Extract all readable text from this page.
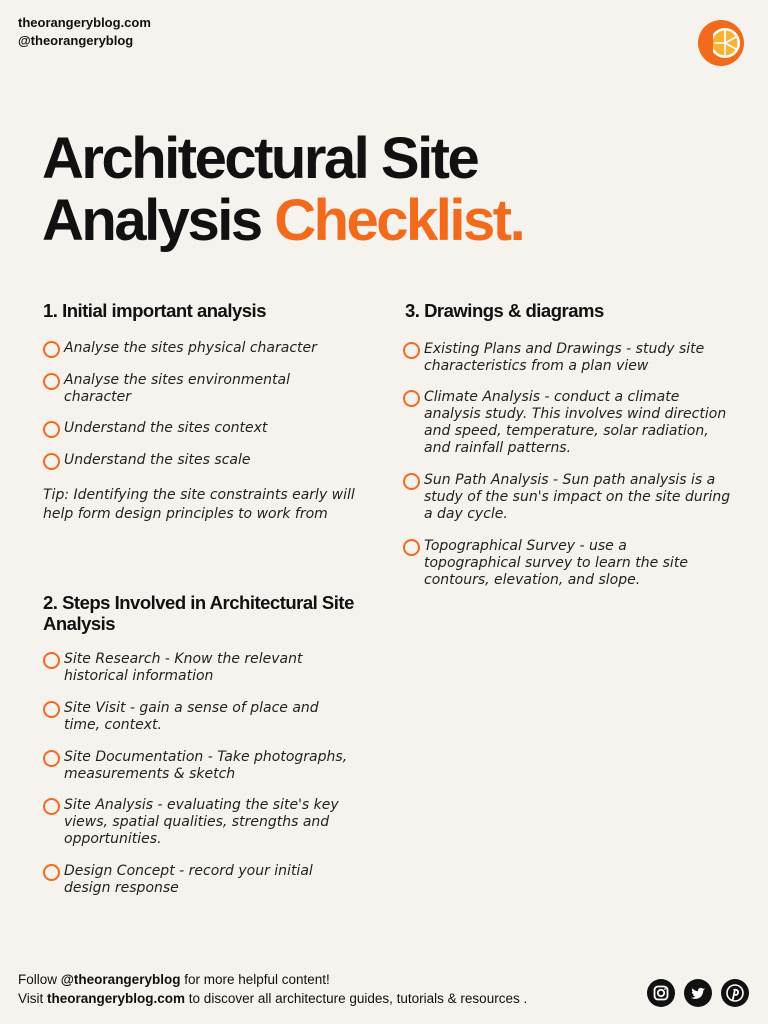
theorangeryblog.com
@theorangeryblog
Architectural Site
Analysis Checklist.
1. Initial important analysis
Analyse the sites physical character
Analyse the sites environmental character
Understand the sites context
Understand the sites scale
Tip: Identifying the site constraints early will help form design principles to work from
2. Steps Involved in Architectural Site Analysis
Site Research - Know the relevant historical information
Site Visit - gain a sense of place and time, context.
Site Documentation - Take photographs, measurements & sketch
Site Analysis - evaluating the site's key views, spatial qualities, strengths and opportunities.
Design Concept - record your initial design response
3. Drawings & diagrams
Existing Plans and Drawings - study site characteristics from a plan view
Climate Analysis - conduct a climate analysis study. This involves wind direction and speed, temperature, solar radiation, and rainfall patterns.
Sun Path Analysis - Sun path analysis is a study of the sun's impact on the site during a day cycle.
Topographical Survey - use a topographical survey to learn the site contours, elevation, and slope.
Follow @theorangeryblog for more helpful content!
Visit theorangeryblog.com to discover all architecture guides, tutorials & resources .
